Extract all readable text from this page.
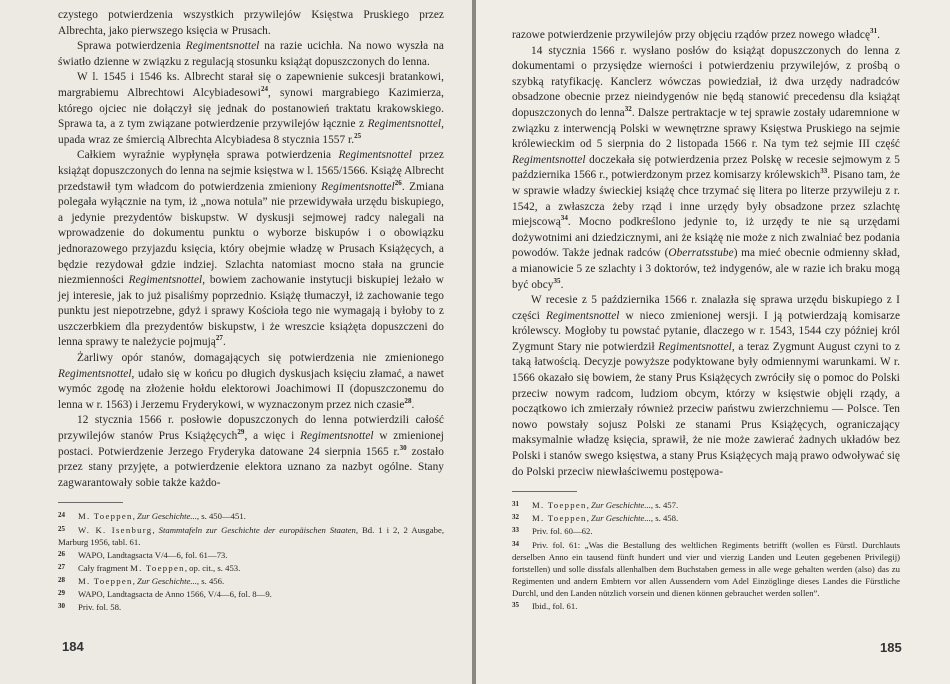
czystego potwierdzenia wszystkich przywilejów Księstwa Pruskiego przez Albrechta, jako pierwszego księcia w Prusach.

Sprawa potwierdzenia Regimentsnottel na razie ucichła. Na nowo wyszła na światło dzienne w związku z regulacją stosunku książąt dopuszczonych do lenna.

W l. 1545 i 1546 ks. Albrecht starał się o zapewnienie sukcesji bratankowi, margrabiemu Albrechtowi Alcybiadesowi$^{24}$, synowi margrabiego Kazimierza, którego ojciec nie dołączył się jednak do postanowień traktatu krakowskiego. Sprawa ta, a z tym związane potwierdzenie przywilejów łącznie z Regimentsnottel, upada wraz ze śmiercią Albrechta Alcybiadesa 8 stycznia 1557 r.$^{25}$

Całkiem wyraźnie wypłynęła sprawa potwierdzenia Regimentsnottel przez książąt dopuszczonych do lenna na sejmie księstwa w l. 1565/1566. Książę Albrecht przedstawił tym władcom do potwierdzenia zmieniony Regimentsnottel$^{26}$. Zmiana polegała wyłącznie na tym, iż „nowa notula” nie przewidywała urzędu biskupiego, a jedynie prezydentów biskupstw. W dyskusji sejmowej radcy nalegali na wprowadzenie do dokumentu punktu o wyborze biskupów i o obowiązku jednorazowego przyjazdu księcia, który obejmie władzę w Prusach Książęcych, a będzie rezydował gdzie indziej. Szlachta natomiast mocno stała na gruncie niezmienności Regimentsnottel, bowiem zachowanie instytucji biskupiej leżało w jej interesie, jak to już pisaliśmy poprzednio. Książę tłumaczył, iż zachowanie tego punktu jest niepotrzebne, gdyż i sprawy Kościoła tego nie wymagają i byłoby to z uszczerbkiem dla prezydentów biskupstw, i że wreszcie książęta dopuszczeni do lenna sprawy te należycie pojmują$^{27}$.

Żarliwy opór stanów, domagających się potwierdzenia nie zmienionego Regimentsnottel, udało się w końcu po długich dyskusjach księciu złamać, a nawet wymóc zgodę na złożenie hołdu elektorowi Joachimowi II (dopuszczonemu do lenna w r. 1563) i Jerzemu Fryderykowi, w wyznaczonym przez nich czasie$^{28}$.

12 stycznia 1566 r. posłowie dopuszczonych do lenna potwierdzili całość przywilejów stanów Prus Książęcych$^{29}$, a więc i Regimentsnottel w zmienionej postaci. Potwierdzenie Jerzego Fryderyka datowane 24 sierpnia 1565 r.$^{30}$ zostało przez stany przyjęte, a potwierdzenie elektora uznano za nazbyt ogólne. Stany zagwarantowały sobie także każdo-

24 M. Toeppen, Zur Geschichte..., s. 450—451.

25 W. K. Isenburg, Stammtafeln zur Geschichte der europäischen Staaten, Bd. 1 i 2, 2 Ausgabe, Marburg 1956, tabl. 61.

26 WAPO, Landtagsacta V/4—6, fol. 61—73.

27 Cały fragment M. Toeppen, op. cit., s. 453.

28 M. Toeppen, Zur Geschichte..., s. 456.

29 WAPO, Landtagsacta de Anno 1566, V/4—6, fol. 8—9.

30 Priv. fol. 58.

184

razowe potwierdzenie przywilejów przy objęciu rządów przez nowego władcę$^{31}$.

14 stycznia 1566 r. wysłano posłów do książąt dopuszczonych do lenna z dokumentami o przysiędze wierności i potwierdzeniu przywilejów, z prośbą o szybką ratyfikację. Kanclerz wówczas powiedział, iż dwa urzędy nadradców obsadzone obecnie przez nieindygenów nie będą stanowić precedensu dla książąt dopuszczonych do lenna$^{32}$. Dalsze pertraktacje w tej sprawie zostały udaremnione w związku z interwencją Polski w wewnętrzne sprawy Księstwa Pruskiego na sejmie królewieckim od 5 sierpnia do 2 listopada 1566 r. Na tym też sejmie III część Regimentsnottel doczekała się potwierdzenia przez Polskę w recesie sejmowym z 5 października 1566 r., potwierdzonym przez komisarzy królewskich$^{33}$. Pisano tam, że w sprawie władzy świeckiej książę chce trzymać się litera po literze przywileju z r. 1542, a zwłaszcza żeby rząd i inne urzędy były obsadzone przez szlachtę miejscową$^{34}$. Mocno podkreślono jedynie to, iż urzędy te nie są urzędami dożywotnimi ani dziedzicznymi, ani że książę nie może z nich zwalniać bez podania powodów. Także jednak radców (Oberratsstube) ma mieć obecnie odmienny skład, a mianowicie 5 ze szlachty i 3 doktorów, też indygenów, ale w razie ich braku mogą być obcy$^{35}$.

W recesie z 5 października 1566 r. znalazła się sprawa urzędu biskupiego z I części Regimentsnottel w nieco zmienionej wersji. I ją potwierdzają komisarze królewscy. Mogłoby tu powstać pytanie, dlaczego w r. 1543, 1544 czy później król Zygmunt Stary nie potwierdził Regimentsnottel, a teraz Zygmunt August czyni to z taką łatwością. Decyzje powyższe podyktowane były odmiennymi warunkami. W r. 1566 okazało się bowiem, że stany Prus Książęcych zwróciły się o pomoc do Polski przeciw nowym radcom, ludziom obcym, którzy w księstwie objęli rządy, a początkowo ich zmierzały również przeciw państwu zwierzchniemu — Polsce. Ten nowo powstały sojusz Polski ze stanami Prus Książęcych, ograniczający maksymalnie władzę księcia, sprawił, że nie może zawierać żadnych układów bez Polski i stanów swego księstwa, a stany Prus Książęcych mają prawo odwoływać się do Polski przeciw niewłaściwemu postępowa-

31 M. Toeppen, Zur Geschichte..., s. 457.

32 M. Toeppen, Zur Geschichte..., s. 458.

33 Priv. fol. 60—62.

34 Priv. fol. 61: „Was die Bestallung des weltlichen Regiments betrifft (wollen es Fürstl. Durchlauts derselben Anno ein tausend fünft hundert und vier und vierzig Landen und Leuten gegebenen Privilegij) fortstellen) und solle dissfals allenhalben dem Buchstaben gemess in alle wege gehalten werden (also) das zu Regimenten und andern Embtern vor allen Aussendern vom Adel Einzöglinge dieses Landes die Fürstliche Durchl, und den Landen nützlich vorsein und dienen können gebrauchet werden sollen”.

35 Ibid., fol. 61.

185
